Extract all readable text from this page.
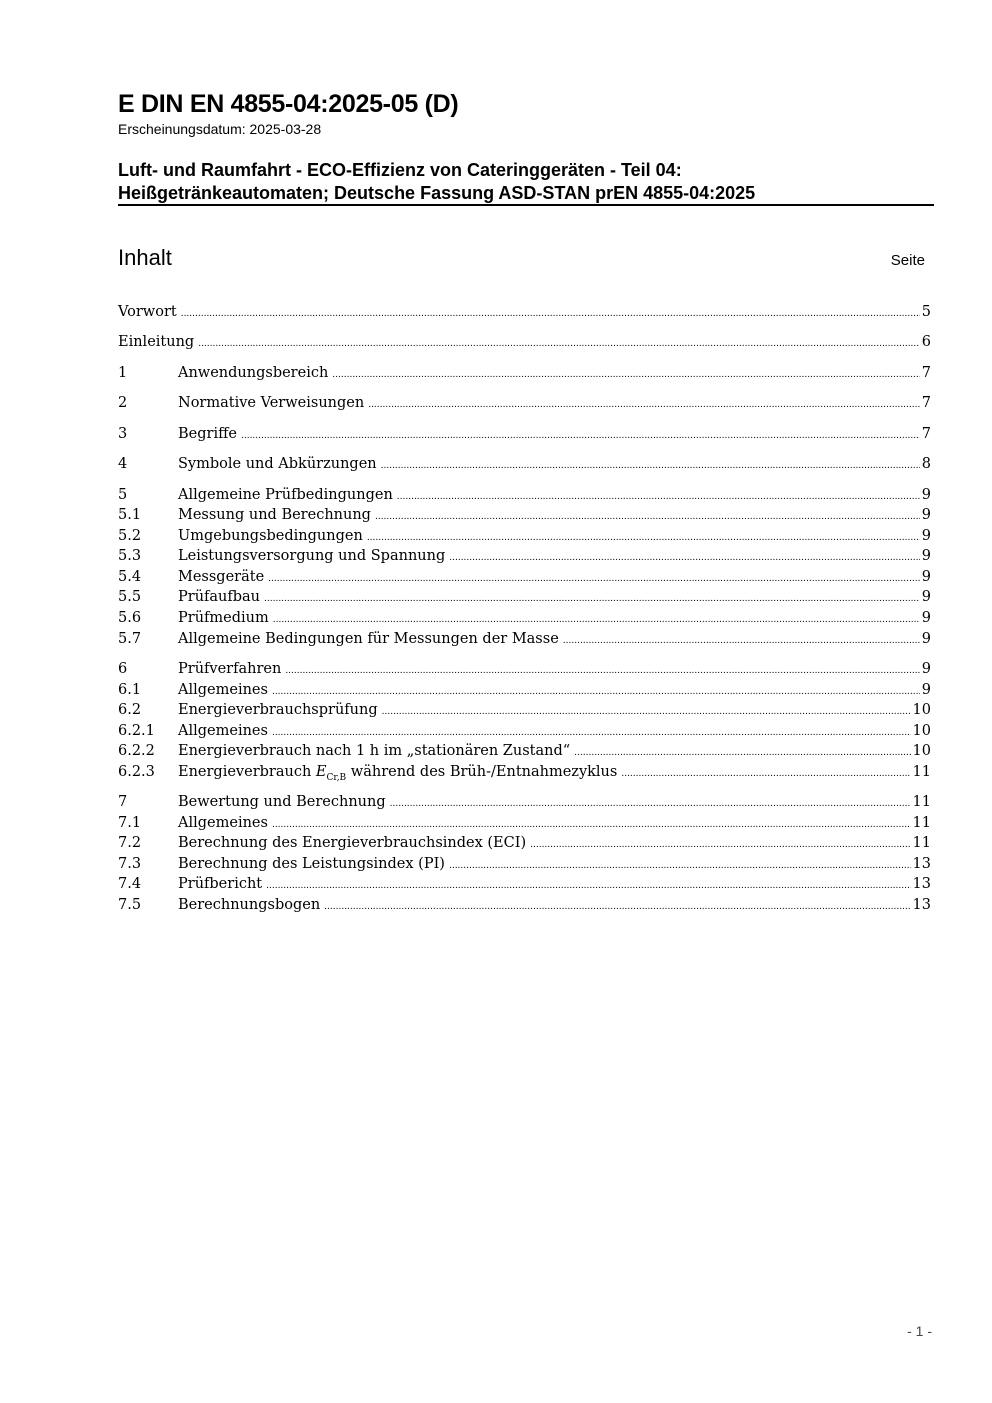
E DIN EN 4855-04:2025-05 (D)
Erscheinungsdatum: 2025-03-28
Luft- und Raumfahrt - ECO-Effizienz von Cateringgeräten - Teil 04:
Heißgetränkeautomaten; Deutsche Fassung ASD-STAN prEN 4855-04:2025
Inhalt	Seite
Vorwort .....	5
Einleitung .....	6
1	Anwendungsbereich .....	7
2	Normative Verweisungen .....	7
3	Begriffe .....	7
4	Symbole und Abkürzungen .....	8
5	Allgemeine Prüfbedingungen .....	9
5.1	Messung und Berechnung .....	9
5.2	Umgebungsbedingungen .....	9
5.3	Leistungsversorgung und Spannung .....	9
5.4	Messgeräte .....	9
5.5	Prüfaufbau .....	9
5.6	Prüfmedium .....	9
5.7	Allgemeine Bedingungen für Messungen der Masse .....	9
6	Prüfverfahren .....	9
6.1	Allgemeines .....	9
6.2	Energieverbrauchsprüfung .....	10
6.2.1	Allgemeines .....	10
6.2.2	Energieverbrauch nach 1 h im „stationären Zustand“ .....	10
6.2.3	Energieverbrauch $E_{Cr,B}$ während des Brüh-/Entnahmezyklus .....	11
7	Bewertung und Berechnung .....	11
7.1	Allgemeines .....	11
7.2	Berechnung des Energieverbrauchsindex (ECI) .....	11
7.3	Berechnung des Leistungsindex (PI) .....	13
7.4	Prüfbericht .....	13
7.5	Berechnungsbogen .....	13
- 1 -
